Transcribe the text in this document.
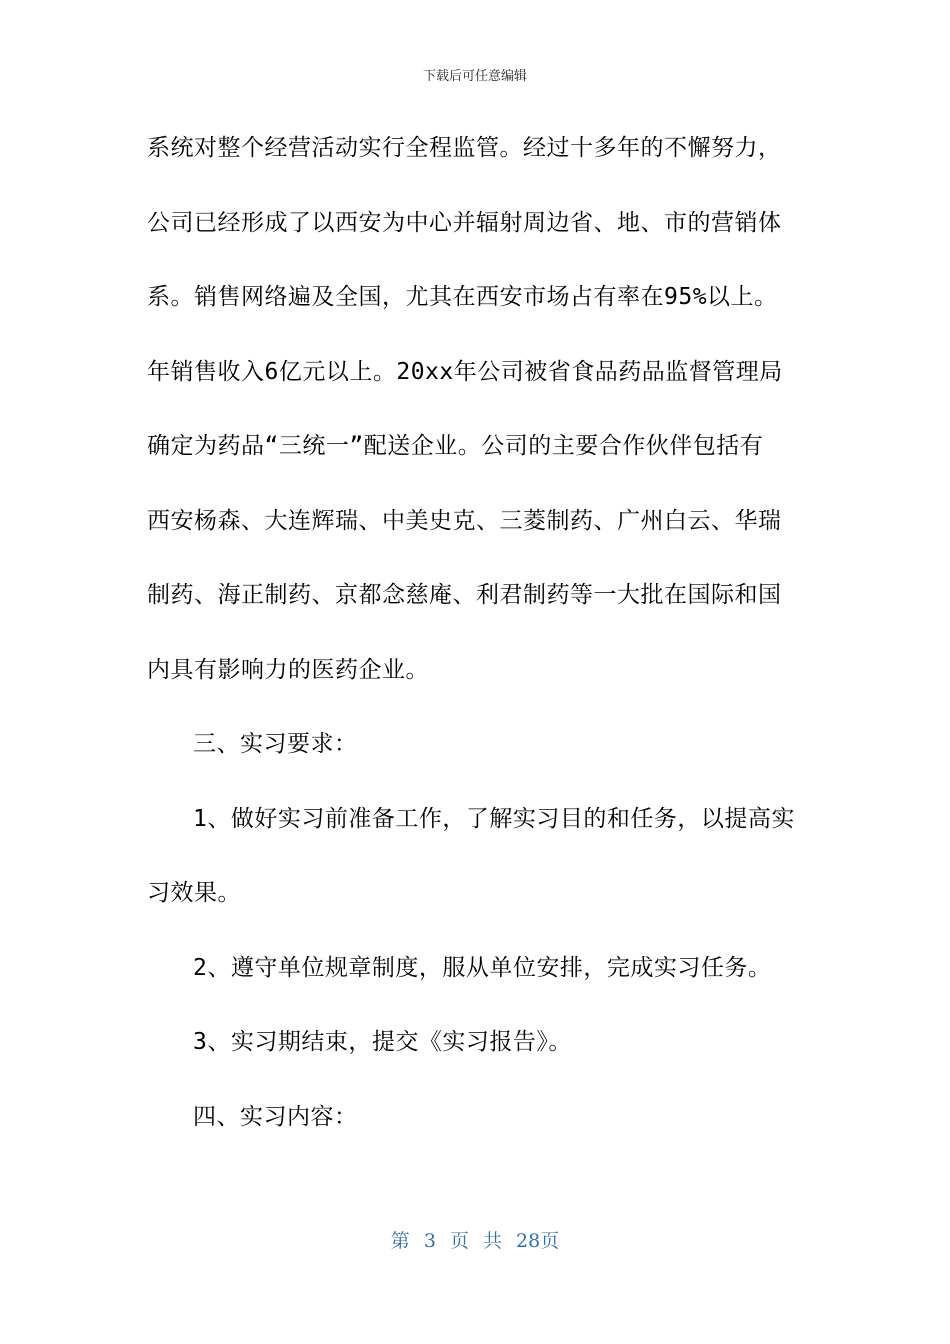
下载后可任意编辑
系统对整个经营活动实行全程监管。经过十多年的不懈努力，
公司已经形成了以西安为中心并辐射周边省、地、市的营销体
系。销售网络遍及全国，尤其在西安市场占有率在95%以上。
年销售收入6亿元以上。20xx年公司被省食品药品监督管理局
确定为药品“三统一”配送企业。公司的主要合作伙伴包括有
西安杨森、大连辉瑞、中美史克、三菱制药、广州白云、华瑞
制药、海正制药、京都念慈庵、利君制药等一大批在国际和国
内具有影响力的医药企业。
三、实习要求：
1、做好实习前准备工作，了解实习目的和任务，以提高实
习效果。
2、遵守单位规章制度，服从单位安排，完成实习任务。
3、实习期结束，提交《实习报告》。
四、实习内容：
第 3 页 共 28页
